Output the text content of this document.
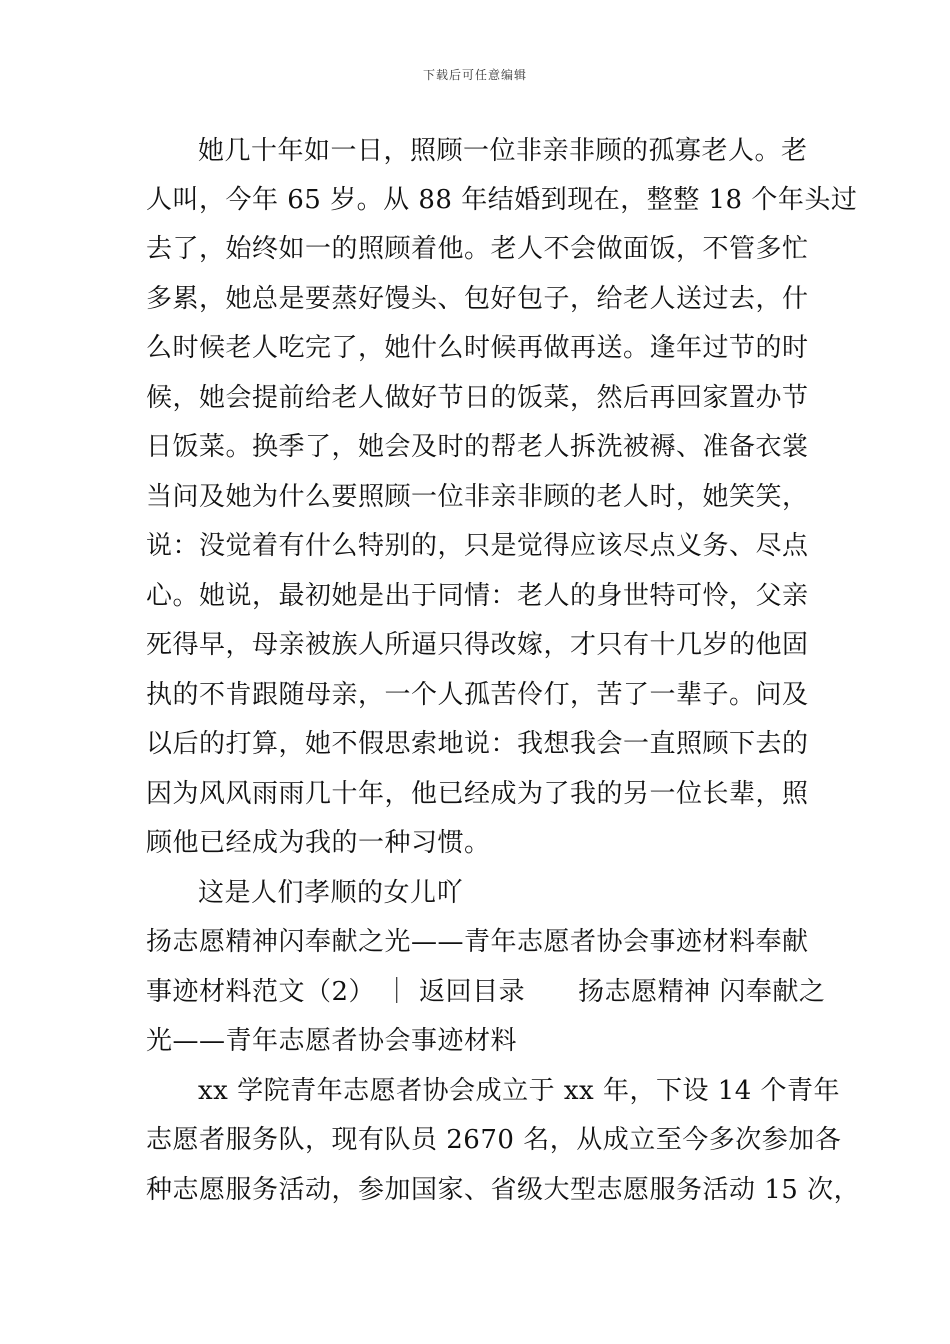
下载后可任意编辑
她几十年如一日，照顾一位非亲非顾的孤寡老人。老
人叫，今年 65 岁。从 88 年结婚到现在，整整 18 个年头过
去了，始终如一的照顾着他。老人不会做面饭，不管多忙
多累，她总是要蒸好馒头、包好包子，给老人送过去，什
么时候老人吃完了，她什么时候再做再送。逢年过节的时
候，她会提前给老人做好节日的饭菜，然后再回家置办节
日饭菜。换季了，她会及时的帮老人拆洗被褥、准备衣裳
当问及她为什么要照顾一位非亲非顾的老人时，她笑笑，
说：没觉着有什么特别的，只是觉得应该尽点义务、尽点
心。她说，最初她是出于同情：老人的身世特可怜，父亲
死得早，母亲被族人所逼只得改嫁，才只有十几岁的他固
执的不肯跟随母亲，一个人孤苦伶仃，苦了一辈子。问及
以后的打算，她不假思索地说：我想我会一直照顾下去的
因为风风雨雨几十年，他已经成为了我的另一位长辈，照
顾他已经成为我的一种习惯。
这是人们孝顺的女儿吖
扬志愿精神闪奉献之光——青年志愿者协会事迹材料奉献
事迹材料范文（2） ｜ 返回目录　　扬志愿精神 闪奉献之
光——青年志愿者协会事迹材料
xx 学院青年志愿者协会成立于 xx 年，下设 14 个青年
志愿者服务队，现有队员 2670 名，从成立至今多次参加各
种志愿服务活动，参加国家、省级大型志愿服务活动 15 次，
